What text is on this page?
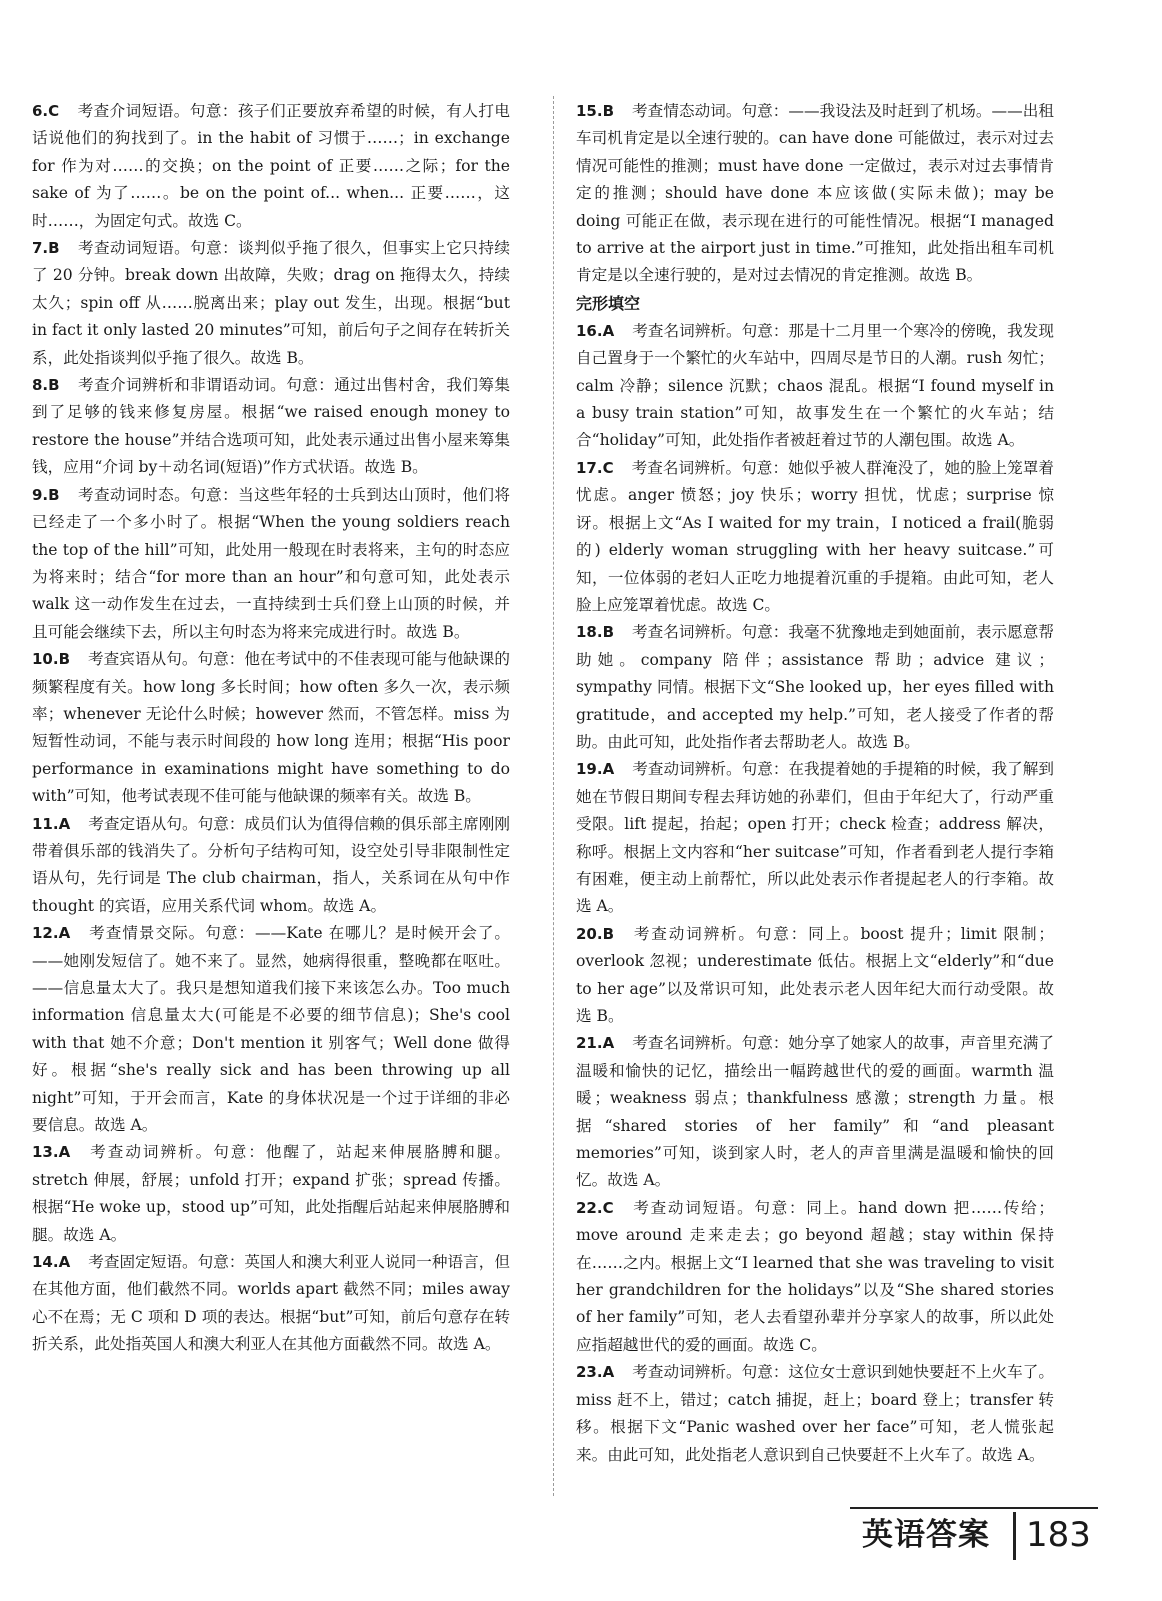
6.C 考查介词短语。句意：孩子们正要放弃希望的时候，有人打电话说他们的狗找到了。in the habit of 习惯于……；in exchange for 作为对……的交换；on the point of 正要……之际；for the sake of 为了……。be on the point of... when... 正要……，这时……，为固定句式。故选 C。

7.B 考查动词短语。句意：谈判似乎拖了很久，但事实上它只持续了 20 分钟。break down 出故障，失败；drag on 拖得太久，持续太久；spin off 从……脱离出来；play out 发生，出现。根据“but in fact it only lasted 20 minutes”可知，前后句子之间存在转折关系，此处指谈判似乎拖了很久。故选 B。

8.B 考查介词辨析和非谓语动词。句意：通过出售村舍，我们筹集到了足够的钱来修复房屋。根据“we raised enough money to restore the house”并结合选项可知，此处表示通过出售小屋来筹集钱，应用“介词 by＋动名词(短语)”作方式状语。故选 B。

9.B 考查动词时态。句意：当这些年轻的士兵到达山顶时，他们将已经走了一个多小时了。根据“When the young soldiers reach the top of the hill”可知，此处用一般现在时表将来，主句的时态应为将来时；结合“for more than an hour”和句意可知，此处表示 walk 这一动作发生在过去，一直持续到士兵们登上山顶的时候，并且可能会继续下去，所以主句时态为将来完成进行时。故选 B。

10.B 考查宾语从句。句意：他在考试中的不佳表现可能与他缺课的频繁程度有关。how long 多长时间；how often 多久一次，表示频率；whenever 无论什么时候；however 然而，不管怎样。miss 为短暂性动词，不能与表示时间段的 how long 连用；根据“His poor performance in examinations might have something to do with”可知，他考试表现不佳可能与他缺课的频率有关。故选 B。

11.A 考查定语从句。句意：成员们认为值得信赖的俱乐部主席刚刚带着俱乐部的钱消失了。分析句子结构可知，设空处引导非限制性定语从句，先行词是 The club chairman，指人，关系词在从句中作 thought 的宾语，应用关系代词 whom。故选 A。

12.A 考查情景交际。句意：——Kate 在哪儿？是时候开会了。——她刚发短信了。她不来了。显然，她病得很重，整晚都在呕吐。——信息量太大了。我只是想知道我们接下来该怎么办。Too much information 信息量太大(可能是不必要的细节信息)；She's cool with that 她不介意；Don't mention it 别客气；Well done 做得好。根据“she's really sick and has been throwing up all night”可知，于开会而言，Kate 的身体状况是一个过于详细的非必要信息。故选 A。

13.A 考查动词辨析。句意：他醒了，站起来伸展胳膊和腿。stretch 伸展，舒展；unfold 打开；expand 扩张；spread 传播。根据“He woke up，stood up”可知，此处指醒后站起来伸展胳膊和腿。故选 A。

14.A 考查固定短语。句意：英国人和澳大利亚人说同一种语言，但在其他方面，他们截然不同。worlds apart 截然不同；miles away 心不在焉；无 C 项和 D 项的表达。根据“but”可知，前后句意存在转折关系，此处指英国人和澳大利亚人在其他方面截然不同。故选 A。

15.B 考查情态动词。句意：——我设法及时赶到了机场。——出租车司机肯定是以全速行驶的。can have done 可能做过，表示对过去情况可能性的推测；must have done 一定做过，表示对过去事情肯定的推测；should have done 本应该做(实际未做)；may be doing 可能正在做，表示现在进行的可能性情况。根据“I managed to arrive at the airport just in time.”可推知，此处指出租车司机肯定是以全速行驶的，是对过去情况的肯定推测。故选 B。

完形填空

16.A 考查名词辨析。句意：那是十二月里一个寒冷的傍晚，我发现自己置身于一个繁忙的火车站中，四周尽是节日的人潮。rush 匆忙；calm 冷静；silence 沉默；chaos 混乱。根据“I found myself in a busy train station”可知，故事发生在一个繁忙的火车站；结合“holiday”可知，此处指作者被赶着过节的人潮包围。故选 A。

17.C 考查名词辨析。句意：她似乎被人群淹没了，她的脸上笼罩着忧虑。anger 愤怒；joy 快乐；worry 担忧，忧虑；surprise 惊讶。根据上文“As I waited for my train，I noticed a frail(脆弱的) elderly woman struggling with her heavy suitcase.”可知，一位体弱的老妇人正吃力地提着沉重的手提箱。由此可知，老人脸上应笼罩着忧虑。故选 C。

18.B 考查名词辨析。句意：我毫不犹豫地走到她面前，表示愿意帮助她。company 陪伴；assistance 帮助；advice 建议；sympathy 同情。根据下文“She looked up，her eyes filled with gratitude，and accepted my help.”可知，老人接受了作者的帮助。由此可知，此处指作者去帮助老人。故选 B。

19.A 考查动词辨析。句意：在我提着她的手提箱的时候，我了解到她在节假日期间专程去拜访她的孙辈们，但由于年纪大了，行动严重受限。lift 提起，抬起；open 打开；check 检查；address 解决，称呼。根据上文内容和“her suitcase”可知，作者看到老人提行李箱有困难，便主动上前帮忙，所以此处表示作者提起老人的行李箱。故选 A。

20.B 考查动词辨析。句意：同上。boost 提升；limit 限制；overlook 忽视；underestimate 低估。根据上文“elderly”和“due to her age”以及常识可知，此处表示老人因年纪大而行动受限。故选 B。

21.A 考查名词辨析。句意：她分享了她家人的故事，声音里充满了温暖和愉快的记忆，描绘出一幅跨越世代的爱的画面。warmth 温暖；weakness 弱点；thankfulness 感激；strength 力量。根据“shared stories of her family”和“and pleasant memories”可知，谈到家人时，老人的声音里满是温暖和愉快的回忆。故选 A。

22.C 考查动词短语。句意：同上。hand down 把……传给；move around 走来走去；go beyond 超越；stay within 保持在……之内。根据上文“I learned that she was traveling to visit her grandchildren for the holidays”以及“She shared stories of her family”可知，老人去看望孙辈并分享家人的故事，所以此处应指超越世代的爱的画面。故选 C。

23.A 考查动词辨析。句意：这位女士意识到她快要赶不上火车了。miss 赶不上，错过；catch 捕捉，赶上；board 登上；transfer 转移。根据下文“Panic washed over her face”可知，老人慌张起来。由此可知，此处指老人意识到自己快要赶不上火车了。故选 A。

英语答案	183
